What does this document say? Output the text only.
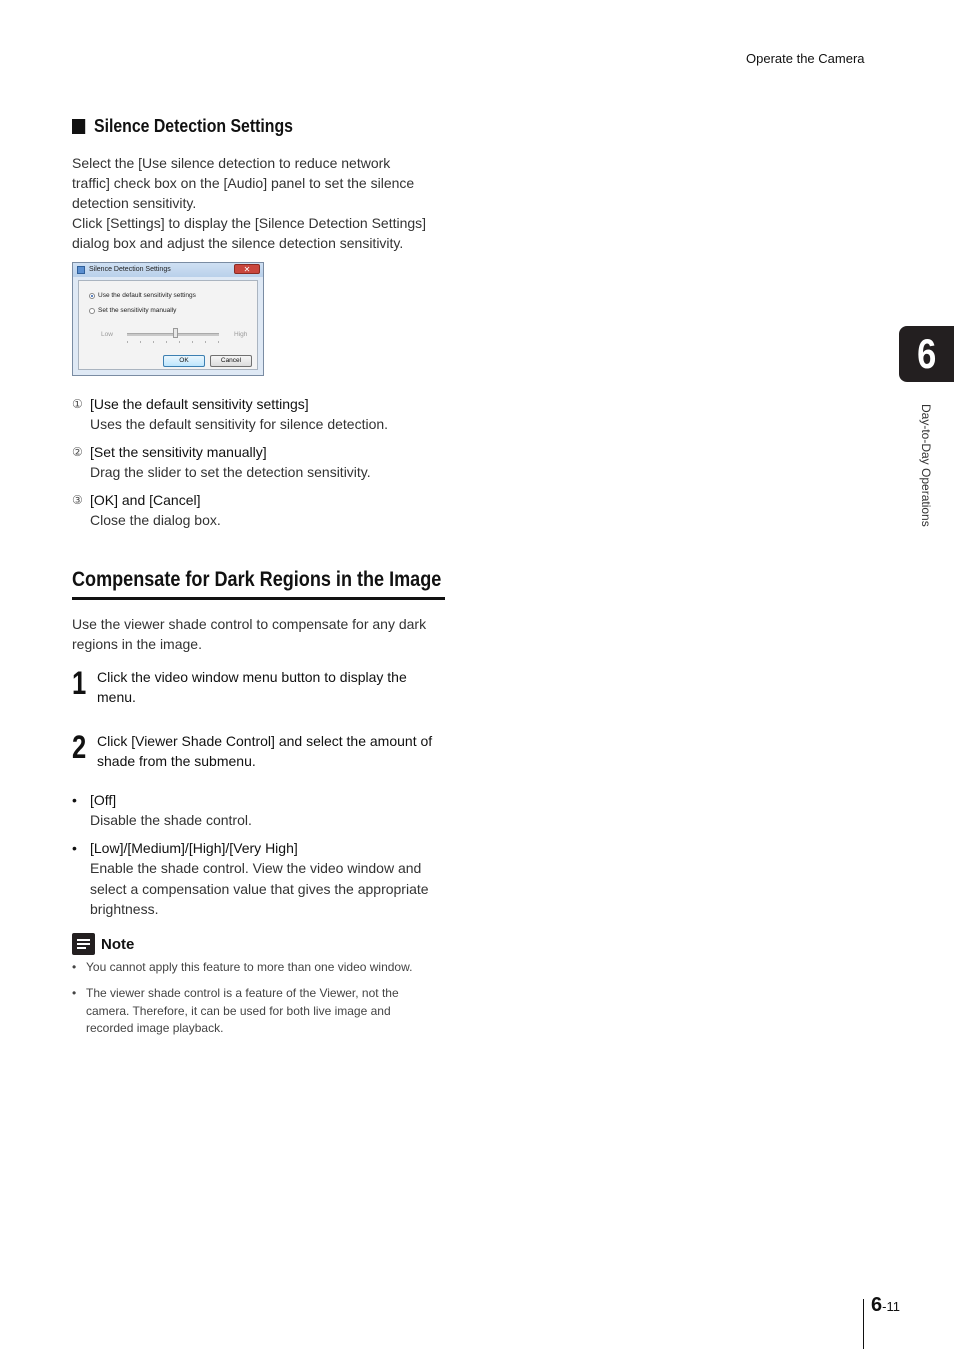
Operate the Camera
Silence Detection Settings

Select the [Use silence detection to reduce network

traffic] check box on the [Audio] panel to set the silence

detection sensitivity.

Click [Settings] to display the [Silence Detection Settings]

dialog box and adjust the silence detection sensitivity.

Silence Detection Settings	✕
Use the default sensitivity settings
Set the sensitivity manually
Low	High
OK	Cancel
① [Use the default sensitivity settings]
Uses the default sensitivity for silence detection.
② [Set the sensitivity manually]
Drag the slider to set the detection sensitivity.
③ [OK] and [Cancel]
Close the dialog box.
Compensate for Dark Regions in the Image

Use the viewer shade control to compensate for any dark

regions in the image.

1 Click the video window menu button to display the
menu.
2 Click [Viewer Shade Control] and select the amount of
shade from the submenu.
• [Off]
Disable the shade control.
• [Low]/[Medium]/[High]/[Very High]
Enable the shade control. View the video window and
select a compensation value that gives the appropriate
brightness.
Note
• You cannot apply this feature to more than one video window.
• The viewer shade control is a feature of the Viewer, not the
camera. Therefore, it can be used for both live image and
recorded image playback.
6
Day-to-Day Operations
6-11
